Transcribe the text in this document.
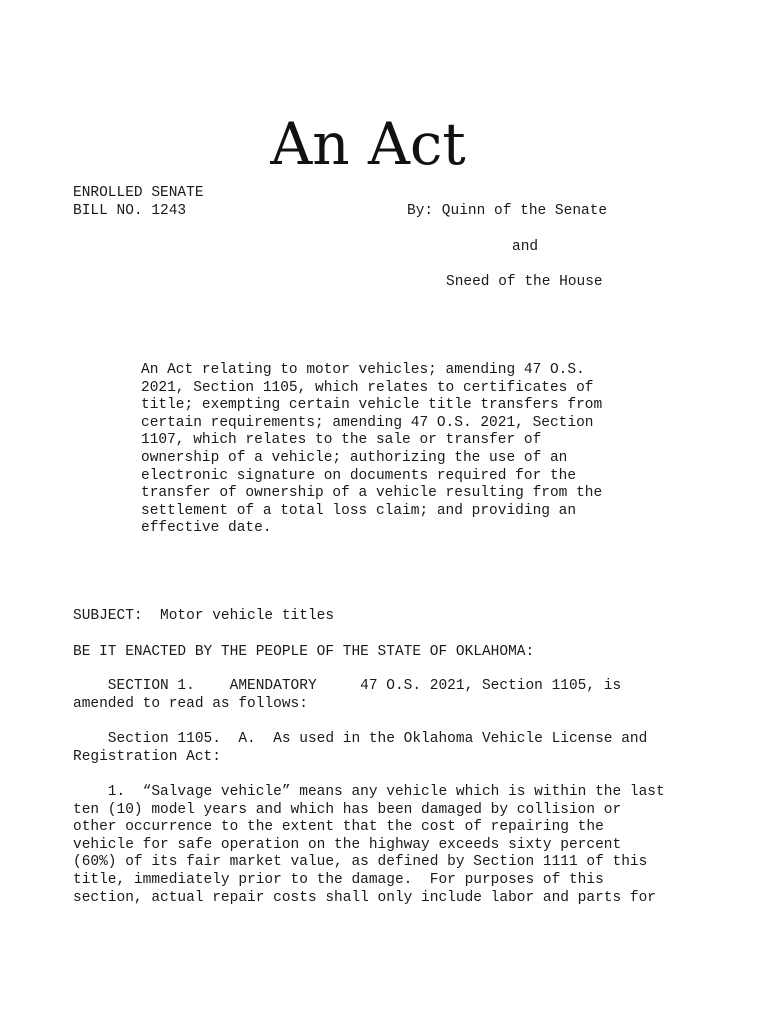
An Act
ENROLLED SENATE
BILL NO. 1243	By: Quinn of the Senate
and
Sneed of the House
An Act relating to motor vehicles; amending 47 O.S.
2021, Section 1105, which relates to certificates of
title; exempting certain vehicle title transfers from
certain requirements; amending 47 O.S. 2021, Section
1107, which relates to the sale or transfer of
ownership of a vehicle; authorizing the use of an
electronic signature on documents required for the
transfer of ownership of a vehicle resulting from the
settlement of a total loss claim; and providing an
effective date.
SUBJECT:  Motor vehicle titles
BE IT ENACTED BY THE PEOPLE OF THE STATE OF OKLAHOMA:
SECTION 1.    AMENDATORY     47 O.S. 2021, Section 1105, is
amended to read as follows:
Section 1105.  A.  As used in the Oklahoma Vehicle License and
Registration Act:
1.  “Salvage vehicle” means any vehicle which is within the last
ten (10) model years and which has been damaged by collision or
other occurrence to the extent that the cost of repairing the
vehicle for safe operation on the highway exceeds sixty percent
(60%) of its fair market value, as defined by Section 1111 of this
title, immediately prior to the damage.  For purposes of this
section, actual repair costs shall only include labor and parts for
